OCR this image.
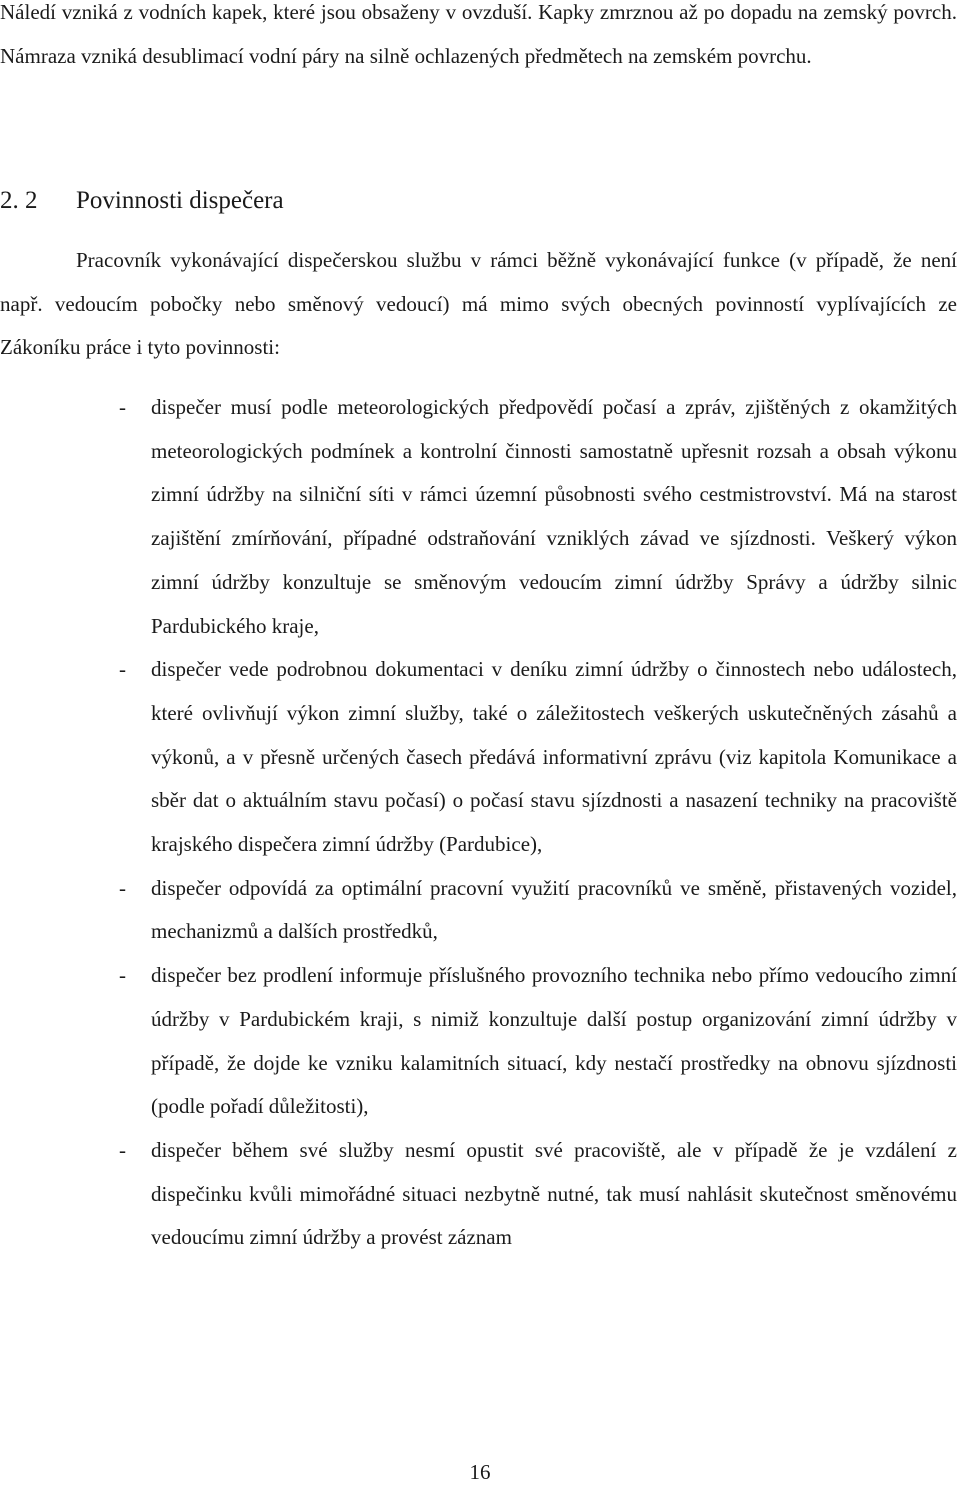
Náledí vzniká z vodních kapek, které jsou obsaženy v ovzduší. Kapky zmrznou až po dopadu na zemský povrch. Námraza vzniká desublimací vodní páry na silně ochlazených předmětech na zemském povrchu.

2. 2 Povinnosti dispečera

Pracovník vykonávající dispečerskou službu v rámci běžně vykonávající funkce (v případě, že není např. vedoucím pobočky nebo směnový vedoucí) má mimo svých obecných povinností vyplívajících ze Zákoníku práce i tyto povinnosti:

- dispečer musí podle meteorologických předpovědí počasí a zpráv, zjištěných z okamžitých meteorologických podmínek a kontrolní činnosti samostatně upřesnit rozsah a obsah výkonu zimní údržby na silniční síti v rámci územní působnosti svého cestmistrovství. Má na starost zajištění zmírňování, případné odstraňování vzniklých závad ve sjízdnosti. Veškerý výkon zimní údržby konzultuje se směnovým vedoucím zimní údržby Správy a údržby silnic Pardubického kraje,
- dispečer vede podrobnou dokumentaci v deníku zimní údržby o činnostech nebo událostech, které ovlivňují výkon zimní služby, také o záležitostech veškerých uskutečněných zásahů a výkonů, a v přesně určených časech předává informativní zprávu (viz kapitola Komunikace a sběr dat o aktuálním stavu počasí) o počasí stavu sjízdnosti a nasazení techniky na pracoviště krajského dispečera zimní údržby (Pardubice),
- dispečer odpovídá za optimální pracovní využití pracovníků ve směně, přistavených vozidel, mechanizmů a dalších prostředků,
- dispečer bez prodlení informuje příslušného provozního technika nebo přímo vedoucího zimní údržby v Pardubickém kraji, s nimiž konzultuje další postup organizování zimní údržby v případě, že dojde ke vzniku kalamitních situací, kdy nestačí prostředky na obnovu sjízdnosti (podle pořadí důležitosti),
- dispečer během své služby nesmí opustit své pracoviště, ale v případě že je vzdálení z dispečinku kvůli mimořádné situaci nezbytně nutné, tak musí nahlásit skutečnost směnovému vedoucímu zimní údržby a provést záznam
16
